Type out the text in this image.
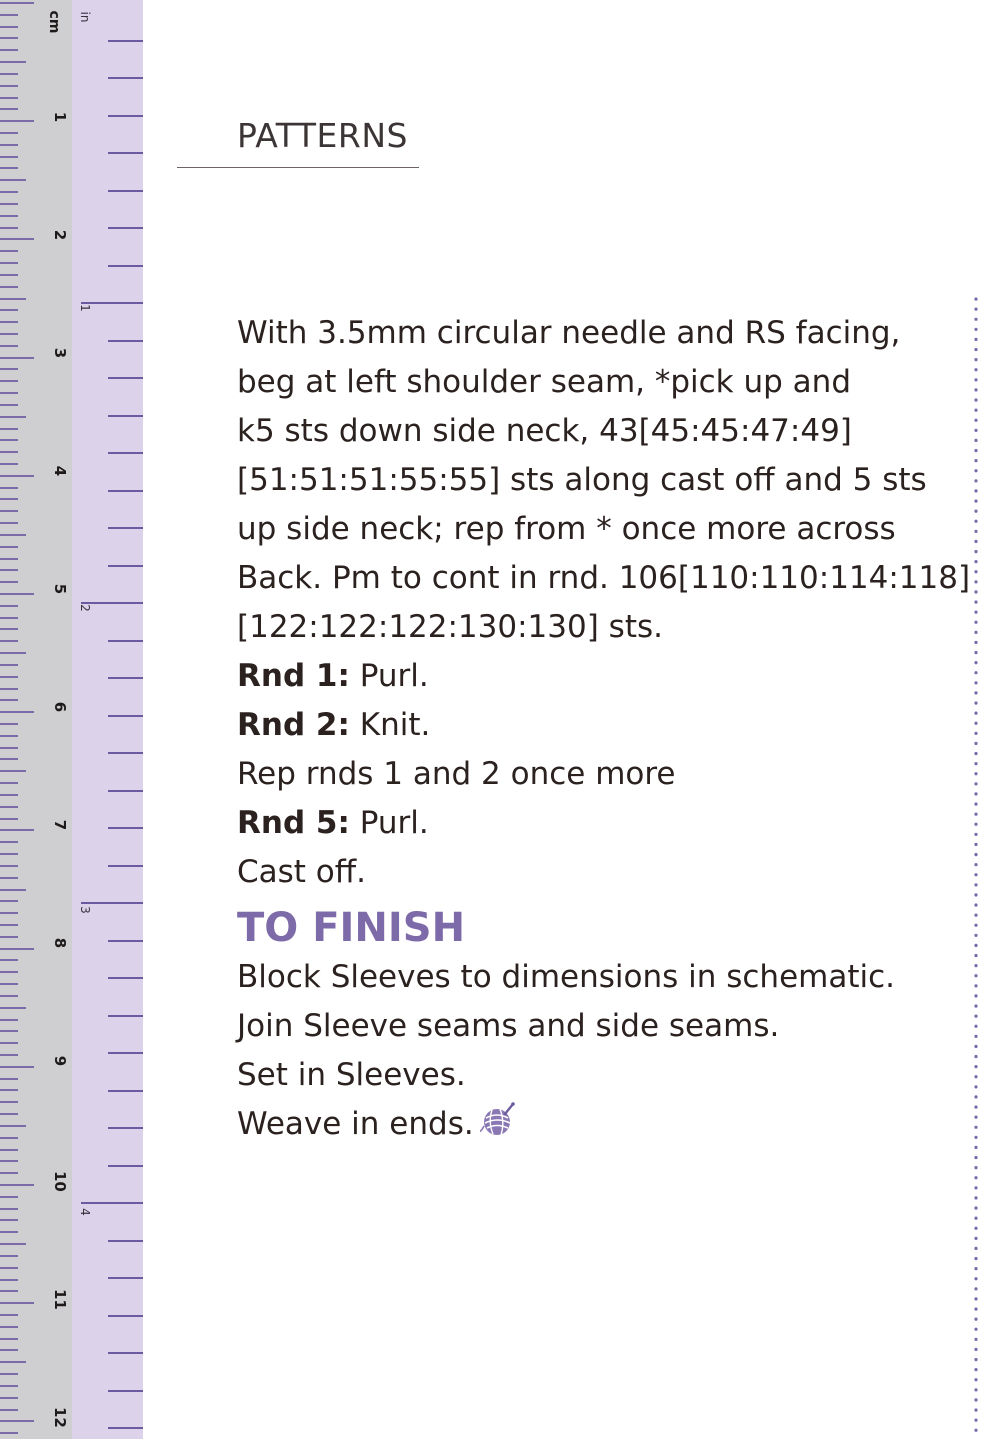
cm in
1
2
3
4
5
6
7
8
9
10
11
12
1
2
3
4
PATTERNS

With 3.5mm circular needle and RS facing,

beg at left shoulder seam, *pick up and

k5 sts down side neck, 43[45:45:47:49]

[51:51:51:55:55] sts along cast off and 5 sts

up side neck; rep from * once more across

Back. Pm to cont in rnd. 106[110:110:114:118]

[122:122:122:130:130] sts.

Rnd 1: Purl.

Rnd 2: Knit.

Rep rnds 1 and 2 once more

Rnd 5: Purl.

Cast off.

TO FINISH

Block Sleeves to dimensions in schematic.

Join Sleeve seams and side seams.

Set in Sleeves.

Weave in ends.
